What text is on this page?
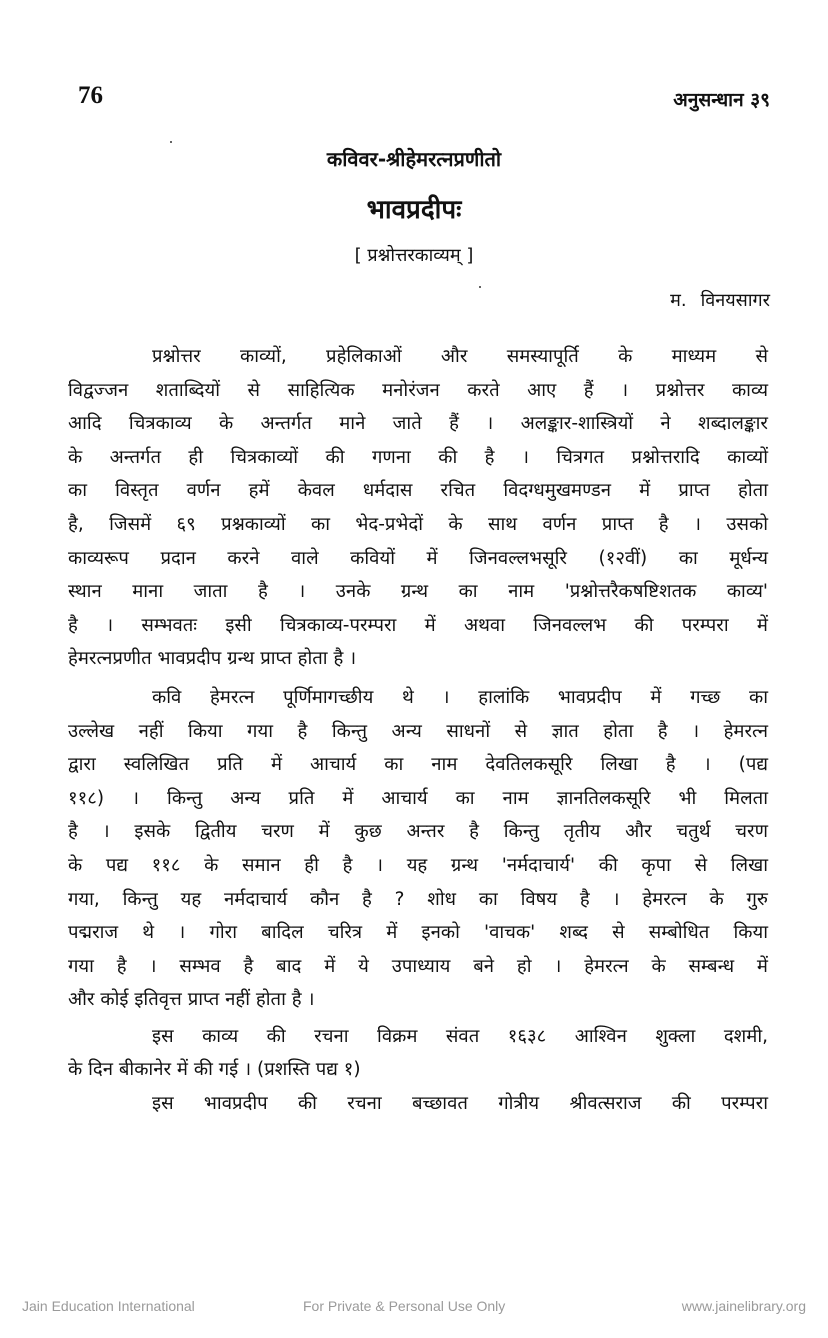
76	अनुसन्धान ३९
कविवर-श्रीहेमरत्नप्रणीतो
भावप्रदीपः
[ प्रश्नोत्तरकाव्यम् ]
म. विनयसागर
प्रश्नोत्तर काव्यों, प्रहेलिकाओं और समस्यापूर्ति के माध्यम से
विद्वज्जन शताब्दियों से साहित्यिक मनोरंजन करते आए हैं । प्रश्नोत्तर काव्य
आदि चित्रकाव्य के अन्तर्गत माने जाते हैं । अलङ्कार-शास्त्रियों ने शब्दालङ्कार
के अन्तर्गत ही चित्रकाव्यों की गणना की है । चित्रगत प्रश्नोत्तरादि काव्यों
का विस्तृत वर्णन हमें केवल धर्मदास रचित विदग्धमुखमण्डन में प्राप्त होता
है, जिसमें ६९ प्रश्नकाव्यों का भेद-प्रभेदों के साथ वर्णन प्राप्त है । उसको
काव्यरूप प्रदान करने वाले कवियों में जिनवल्लभसूरि (१२वीं) का मूर्धन्य
स्थान माना जाता है । उनके ग्रन्थ का नाम 'प्रश्नोत्तरैकषष्टिशतक काव्य'
है । सम्भवतः इसी चित्रकाव्य-परम्परा में अथवा जिनवल्लभ की परम्परा में
हेमरत्नप्रणीत भावप्रदीप ग्रन्थ प्राप्त होता है ।
कवि हेमरत्न पूर्णिमागच्छीय थे । हालांकि भावप्रदीप में गच्छ का
उल्लेख नहीं किया गया है किन्तु अन्य साधनों से ज्ञात होता है । हेमरत्न
द्वारा स्वलिखित प्रति में आचार्य का नाम देवतिलकसूरि लिखा है । (पद्य
११८) । किन्तु अन्य प्रति में आचार्य का नाम ज्ञानतिलकसूरि भी मिलता
है । इसके द्वितीय चरण में कुछ अन्तर है किन्तु तृतीय और चतुर्थ चरण
के पद्य ११८ के समान ही है । यह ग्रन्थ 'नर्मदाचार्य' की कृपा से लिखा
गया, किन्तु यह नर्मदाचार्य कौन है ? शोध का विषय है । हेमरत्न के गुरु
पद्मराज थे । गोरा बादिल चरित्र में इनको 'वाचक' शब्द से सम्बोधित किया
गया है । सम्भव है बाद में ये उपाध्याय बने हो । हेमरत्न के सम्बन्ध में
और कोई इतिवृत्त प्राप्त नहीं होता है ।
इस काव्य की रचना विक्रम संवत १६३८ आश्विन शुक्ला दशमी,
के दिन बीकानेर में की गई । (प्रशस्ति पद्य १)
इस भावप्रदीप की रचना बच्छावत गोत्रीय श्रीवत्सराज की परम्परा
Jain Education International	For Private & Personal Use Only	www.jainelibrary.org
